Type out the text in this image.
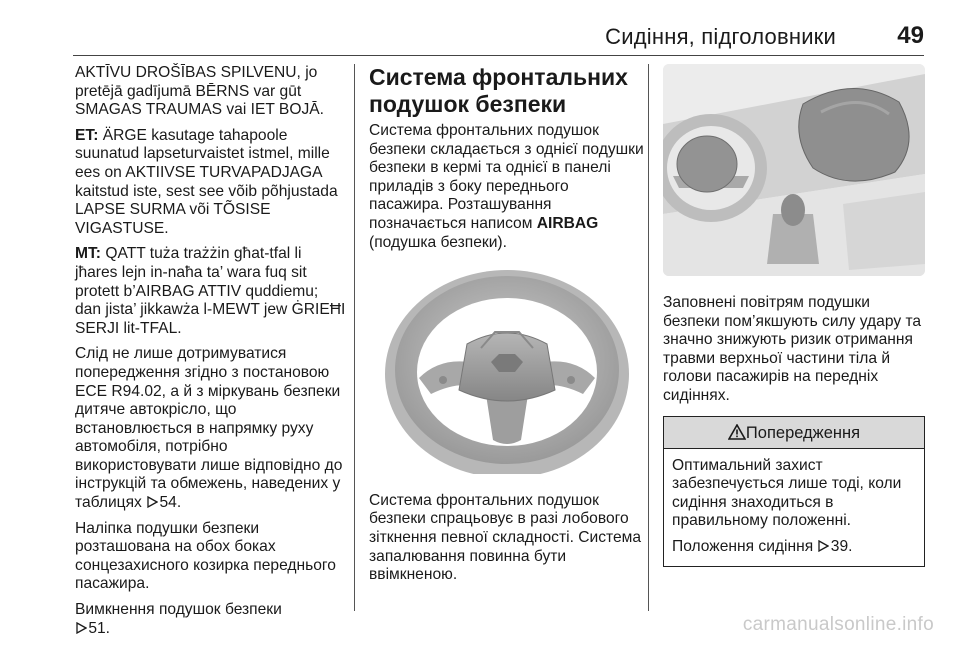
Сидіння, підголовники	49

AKTĪVU DROŠĪBAS SPILVENU, jo pretējā gadījumā BĒRNS var gūt SMAGAS TRAUMAS vai IET BOJĀ.

ET: ÄRGE kasutage tahapoole suunatud lapseturvaistet istmel, mille ees on AKTIIVSE TURVAPADJAGA kaitstud iste, sest see võib põhjustada LAPSE SURMA või TÕSISE VIGASTUSE.

MT: QATT tuża trażżin għat-tfal li jħares lejn in-naħa ta’ wara fuq sit protett b’AIRBAG ATTIV quddiemu; dan jista’ jikkawża l-MEWT jew ĠRIEĦI SERJI lit-TFAL.

Слід не лише дотримуватися попередження згідно з постановою ECE R94.02, а й з міркувань безпеки дитяче автокрісло, що встановлюється в напрямку руху автомобіля, потрібно використовувати лише відповідно до інструкцій та обмежень, наведених у таблицях  54.

Наліпка подушки безпеки розташована на обох боках сонцезахисного козирка переднього пасажира.

Вимкнення подушок безпеки
 51.

Система фронтальних подушок безпеки

Система фронтальних подушок безпеки складається з однієї подушки безпеки в кермі та однієї в панелі приладів з боку переднього пасажира. Розташування позначається написом AIRBAG (подушка безпеки).

Система фронтальних подушок безпеки спрацьовує в разі лобового зіткнення певної складності. Система запалювання повинна бути ввімкненою.

Заповнені повітрям подушки безпеки пом’якшують силу удару та значно знижують ризик отримання травми верхньої частини тіла й голови пасажирів на передніх сидіннях.

Попередження

Оптимальний захист забезпечується лише тоді, коли сидіння знаходиться в правильному положенні.

Положення сидіння  39.

carmanualsonline.info
